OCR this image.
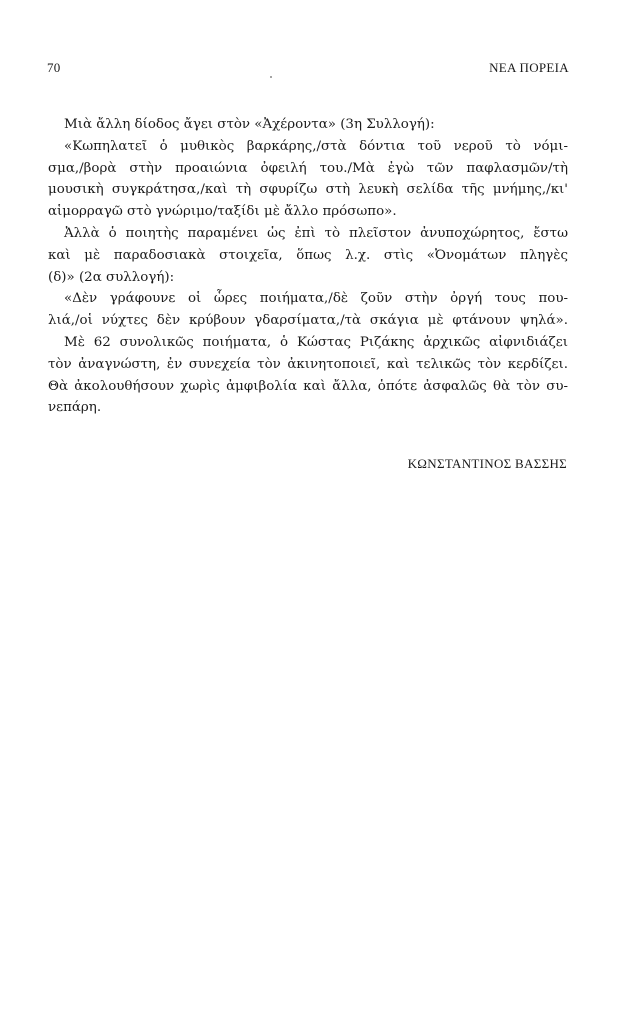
70	ΝΕΑ ΠΟΡΕΙΑ
Μιὰ ἄλλη δίοδος ἄγει στὸν «Ἀχέροντα» (3η Συλλογή):
«Κωπηλατεῖ ὁ μυθικὸς βαρκάρης,/στὰ δόντια τοῦ νεροῦ τὸ νόμι-
σμα,/βορὰ στὴν προαιώνια ὀφειλή του./Μὰ ἐγὼ τῶν παφλασμῶν/τὴ
μουσικὴ συγκράτησα,/καὶ τὴ σφυρίζω στὴ λευκὴ σελίδα τῆς μνήμης,/κι'
αἱμορραγῶ στὸ γνώριμο/ταξίδι μὲ ἄλλο πρόσωπο».
Ἀλλὰ ὁ ποιητὴς παραμένει ὡς ἐπὶ τὸ πλεῖστον ἀνυποχώρητος, ἔστω
καὶ μὲ παραδοσιακὰ στοιχεῖα, ὅπως λ.χ. στὶς «Ὀνομάτων πληγὲς
(δ)» (2α συλλογή):
«Δὲν γράφουνε οἱ ὧρες ποιήματα,/δὲ ζοῦν στὴν ὀργή τους που-
λιά,/οἱ νύχτες δὲν κρύβουν γδαρσίματα,/τὰ σκάγια μὲ φτάνουν ψηλά».
Μὲ 62 συνολικῶς ποιήματα, ὁ Κώστας Ριζάκης ἀρχικῶς αἰφνιδιάζει
τὸν ἀναγνώστη, ἐν συνεχεία τὸν ἀκινητοποιεῖ, καὶ τελικῶς τὸν κερδίζει.
Θὰ ἀκολουθήσουν χωρὶς ἀμφιβολία καὶ ἄλλα, ὁπότε ἀσφαλῶς θὰ τὸν συ-
νεπάρη.
ΚΩΝΣΤΑΝΤΙΝΟΣ ΒΑΣΣΗΣ
